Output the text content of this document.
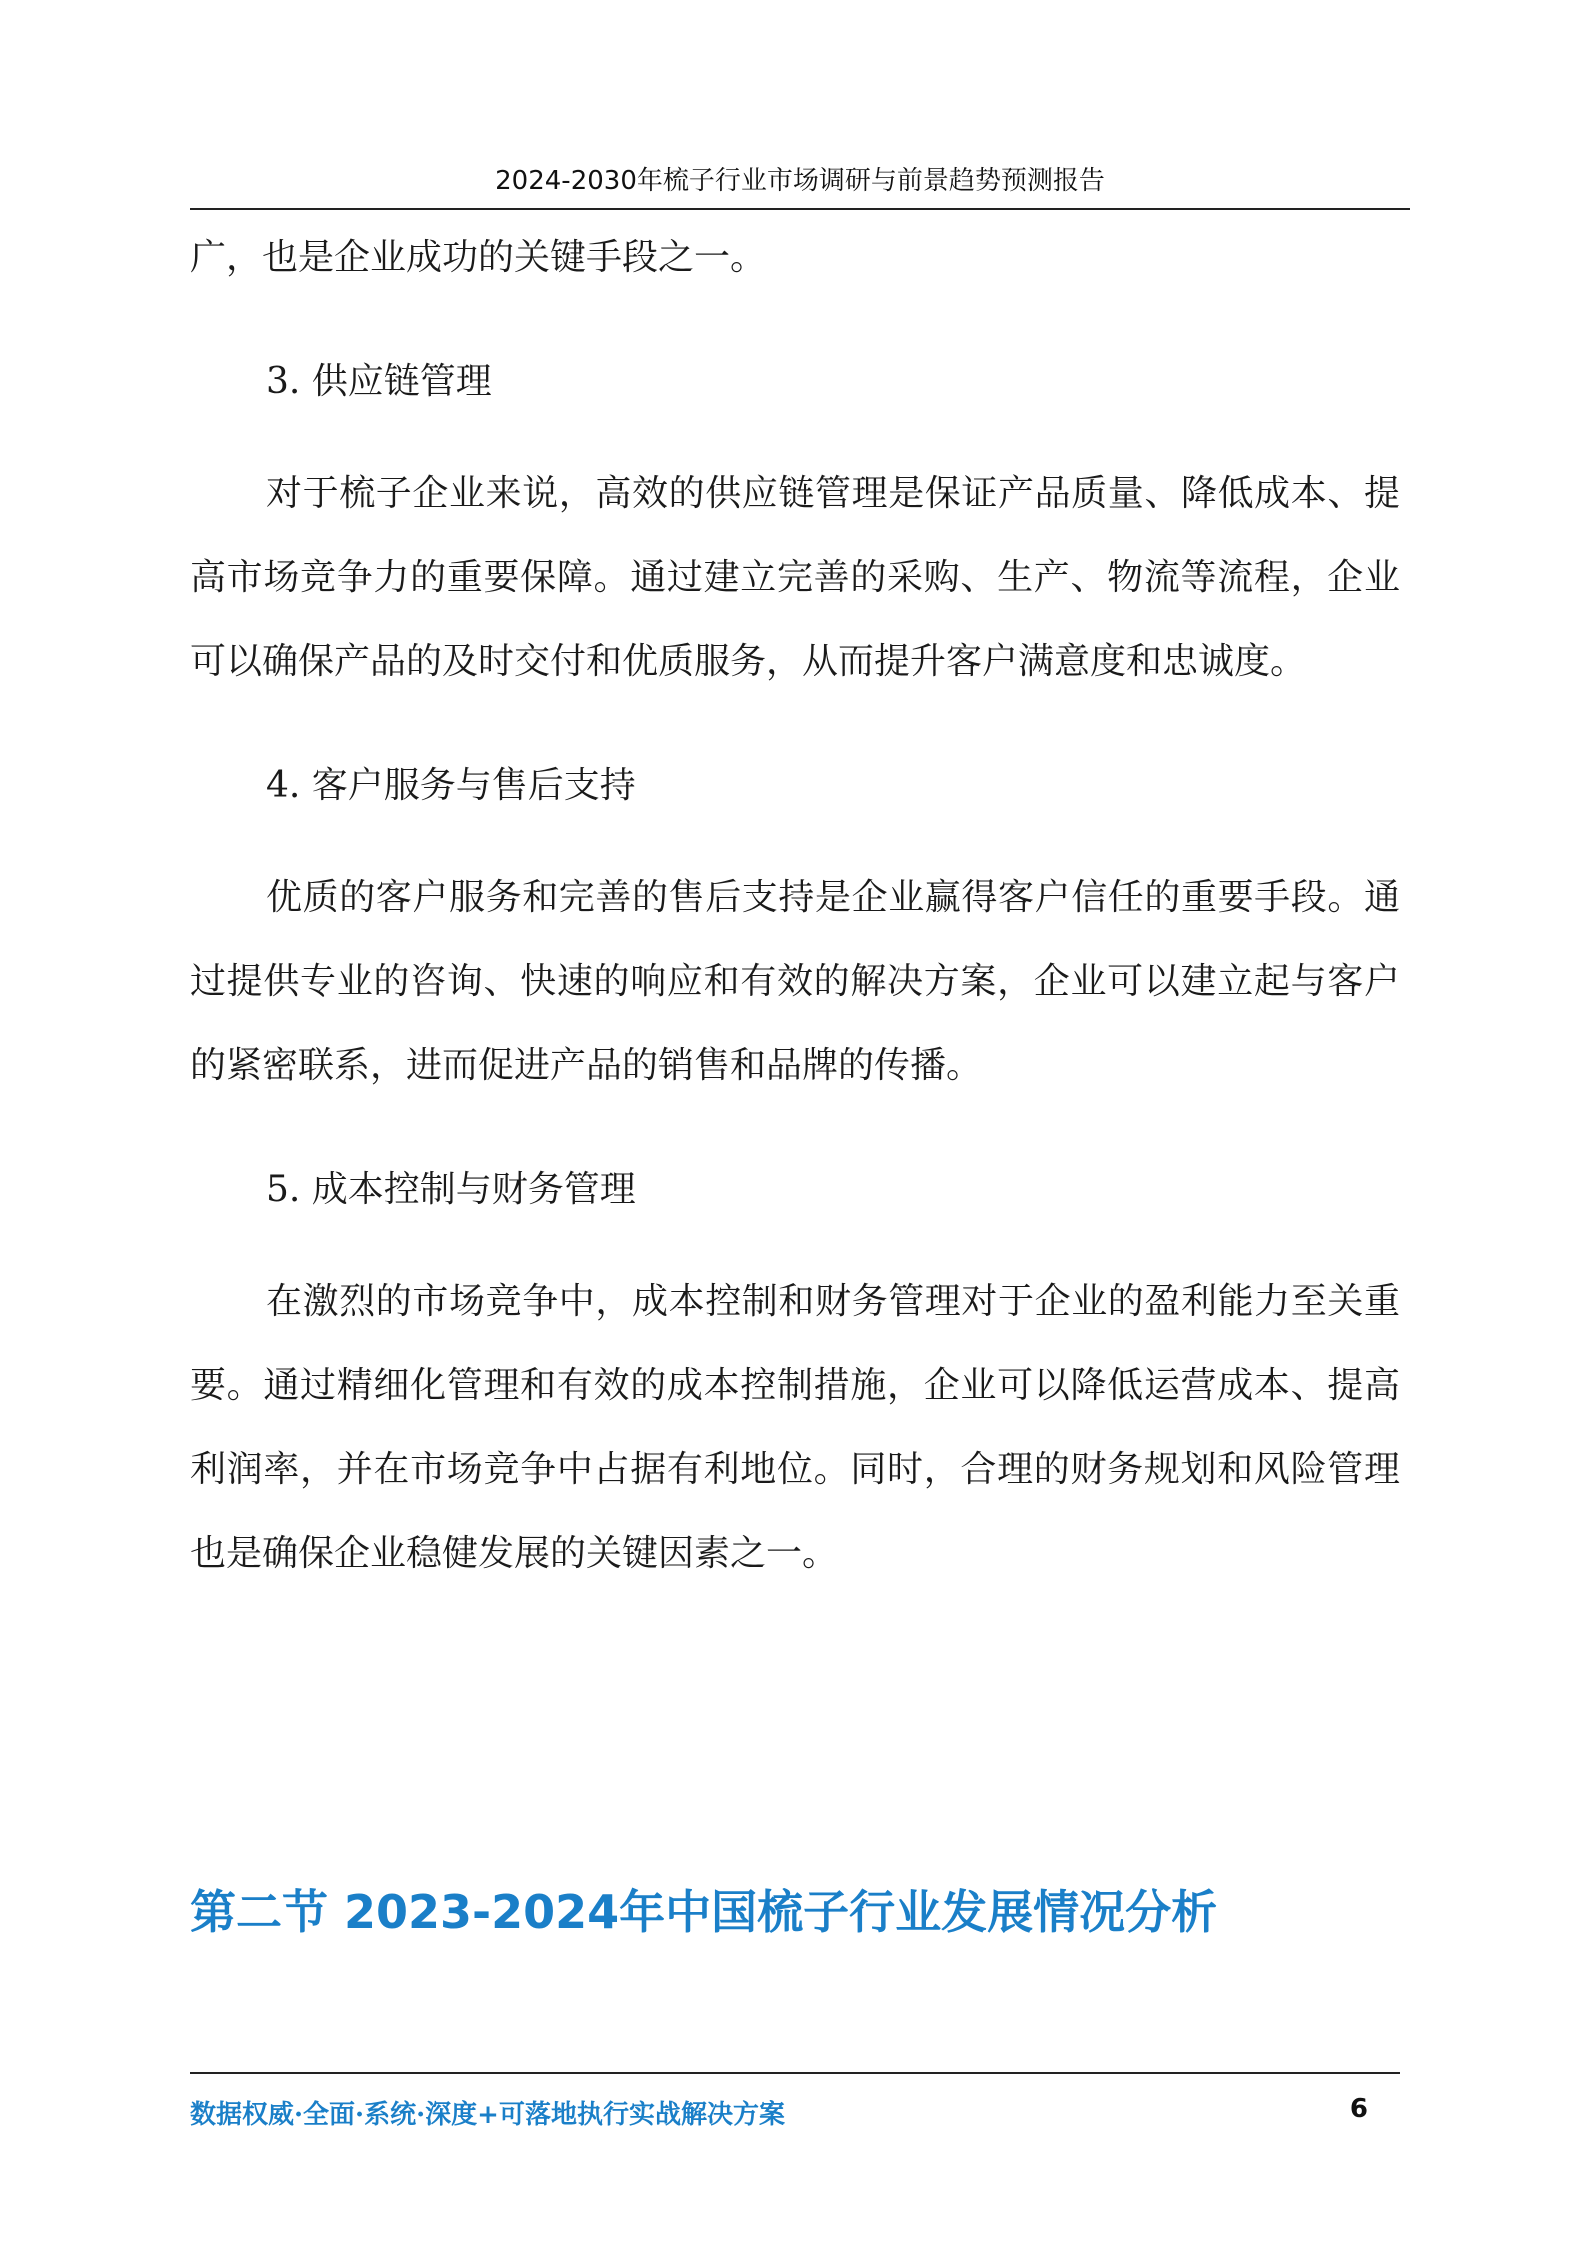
2024-2030年梳子行业市场调研与前景趋势预测报告

广，也是企业成功的关键手段之一。

3. 供应链管理

对于梳子企业来说，高效的供应链管理是保证产品质量、降低成本、提高市场竞争力的重要保障。通过建立完善的采购、生产、物流等流程，企业可以确保产品的及时交付和优质服务，从而提升客户满意度和忠诚度。

4. 客户服务与售后支持

优质的客户服务和完善的售后支持是企业赢得客户信任的重要手段。通过提供专业的咨询、快速的响应和有效的解决方案，企业可以建立起与客户的紧密联系，进而促进产品的销售和品牌的传播。

5. 成本控制与财务管理

在激烈的市场竞争中，成本控制和财务管理对于企业的盈利能力至关重要。通过精细化管理和有效的成本控制措施，企业可以降低运营成本、提高利润率，并在市场竞争中占据有利地位。同时，合理的财务规划和风险管理也是确保企业稳健发展的关键因素之一。

第二节 2023-2024年中国梳子行业发展情况分析
数据权威·全面·系统·深度+可落地执行实战解决方案	6
